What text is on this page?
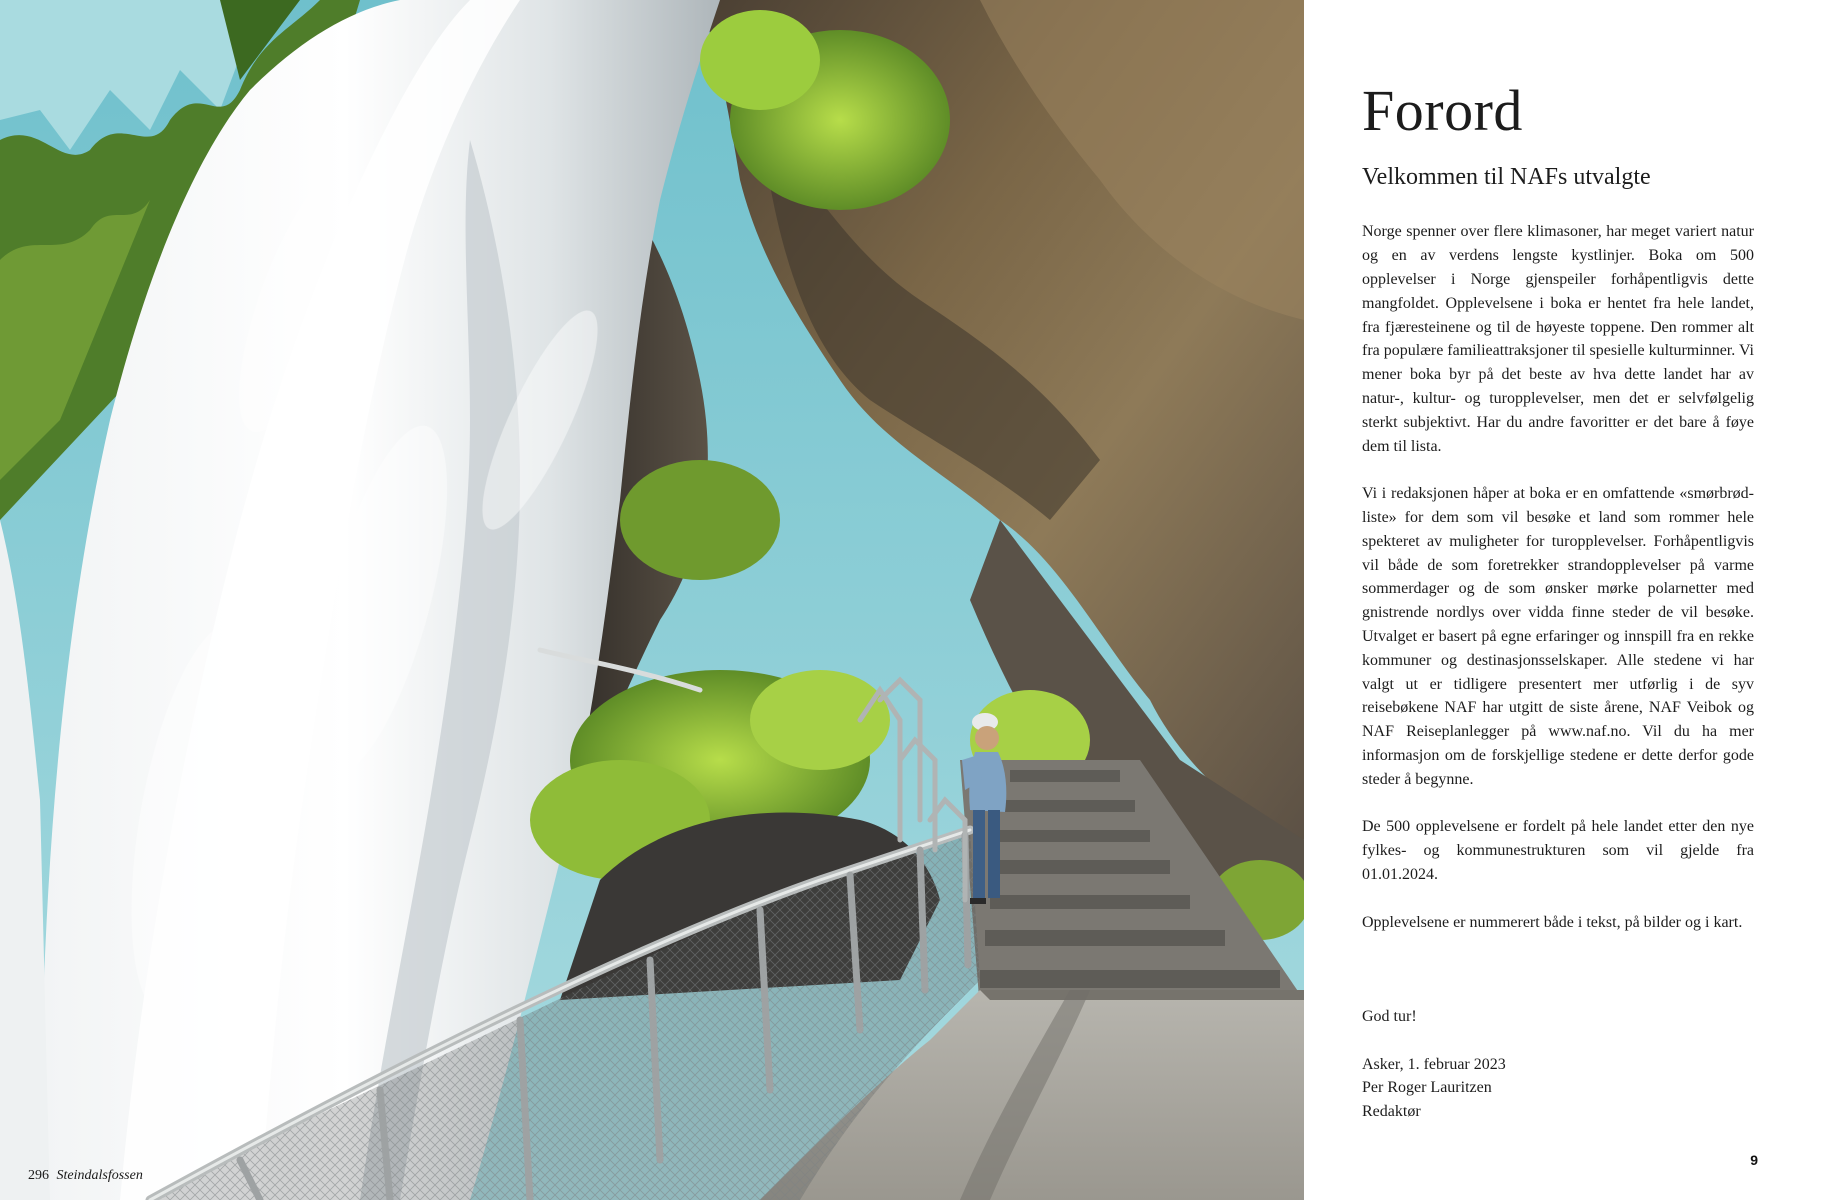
296 Steindalsfossen
Forord
Velkommen til NAFs utvalgte

Norge spenner over flere klimasoner, har meget variert natur og en av verdens lengste kystlinjer. Boka om 500 opplevelser i Norge gjenspeiler forhåpentligvis dette mangfoldet. Opplevelsene i boka er hentet fra hele landet, fra fjæresteinene og til de høyeste toppene. Den rommer alt fra populære familieattraksjoner til spesielle kulturminner. Vi mener boka byr på det beste av hva dette landet har av natur-, kultur- og turopplevelser, men det er selvfølgelig sterkt subjektivt. Har du andre favoritter er det bare å føye dem til lista.

Vi i redaksjonen håper at boka er en omfattende «smørbrød-liste» for dem som vil besøke et land som rommer hele spekteret av muligheter for turopplevelser. Forhåpentligvis vil både de som foretrekker strandopplevelser på varme sommerdager og de som ønsker mørke polarnetter med gnistrende nordlys over vidda finne steder de vil besøke. Utvalget er basert på egne erfaringer og innspill fra en rekke kommuner og destinasjonsselskaper. Alle stedene vi har valgt ut er tidligere presentert mer utførlig i de syv reisebøkene NAF har utgitt de siste årene, NAF Veibok og NAF Reiseplanlegger på www.naf.no. Vil du ha mer informasjon om de forskjellige stedene er dette derfor gode steder å begynne.

De 500 opplevelsene er fordelt på hele landet etter den nye fylkes- og kommunestrukturen som vil gjelde fra 01.01.2024.

Opplevelsene er nummerert både i tekst, på bilder og i kart.

God tur!

Asker, 1. februar 2023
Per Roger Lauritzen
Redaktør

9
